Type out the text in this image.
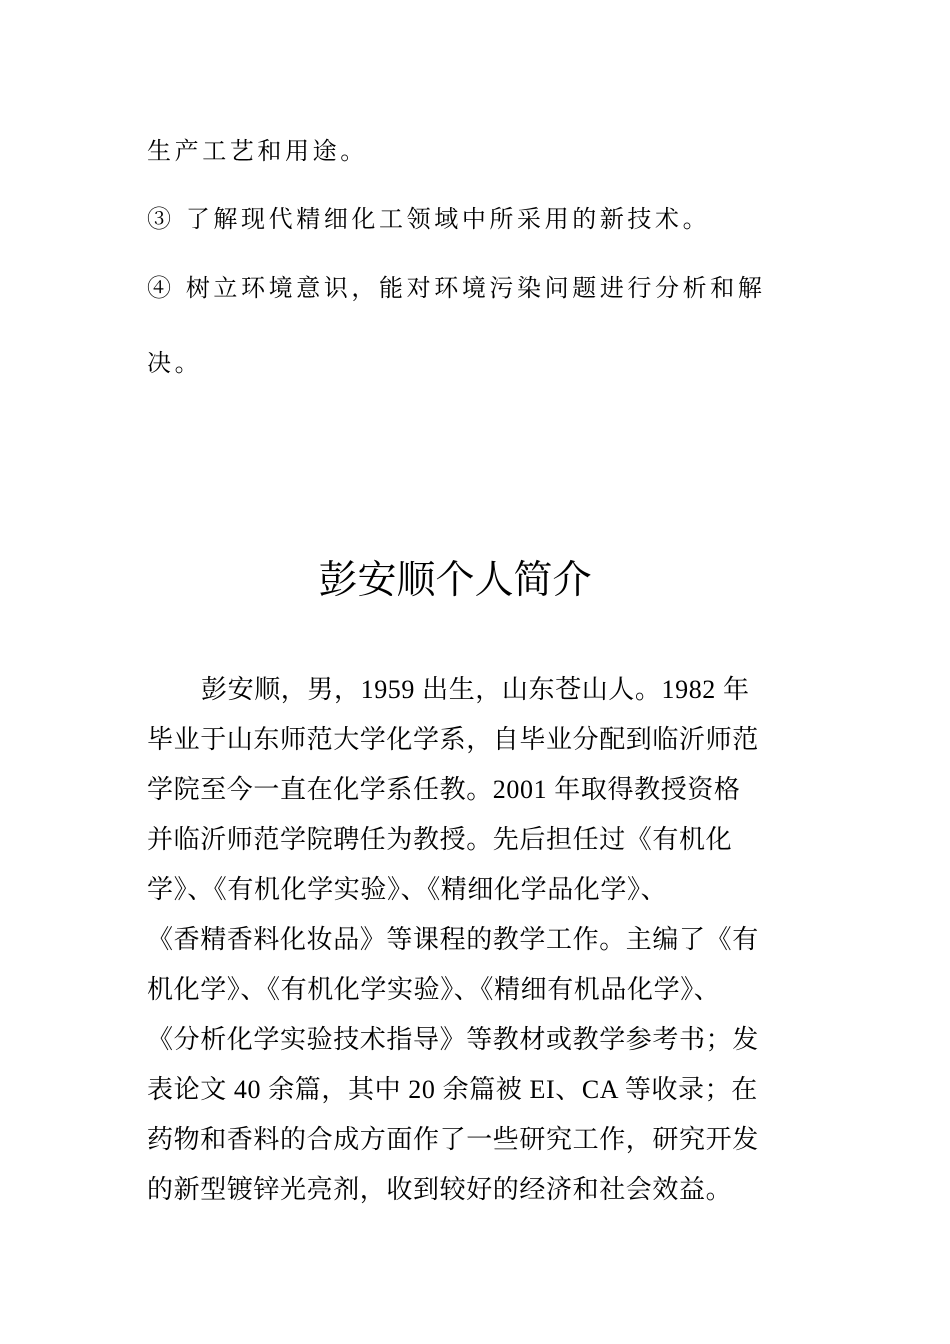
生产工艺和用途。
③ 了解现代精细化工领域中所采用的新技术。
④ 树立环境意识，能对环境污染问题进行分析和解
决。
彭安顺个人简介
彭安顺，男，1959 出生，山东苍山人。1982 年
毕业于山东师范大学化学系，自毕业分配到临沂师范
学院至今一直在化学系任教。2001 年取得教授资格
并临沂师范学院聘任为教授。先后担任过《有机化
学》、《有机化学实验》、《精细化学品化学》、
《香精香料化妆品》等课程的教学工作。主编了《有
机化学》、《有机化学实验》、《精细有机品化学》、
《分析化学实验技术指导》等教材或教学参考书；发
表论文 40 余篇，其中 20 余篇被 EI、CA 等收录；在
药物和香料的合成方面作了一些研究工作，研究开发
的新型镀锌光亮剂，收到较好的经济和社会效益。
